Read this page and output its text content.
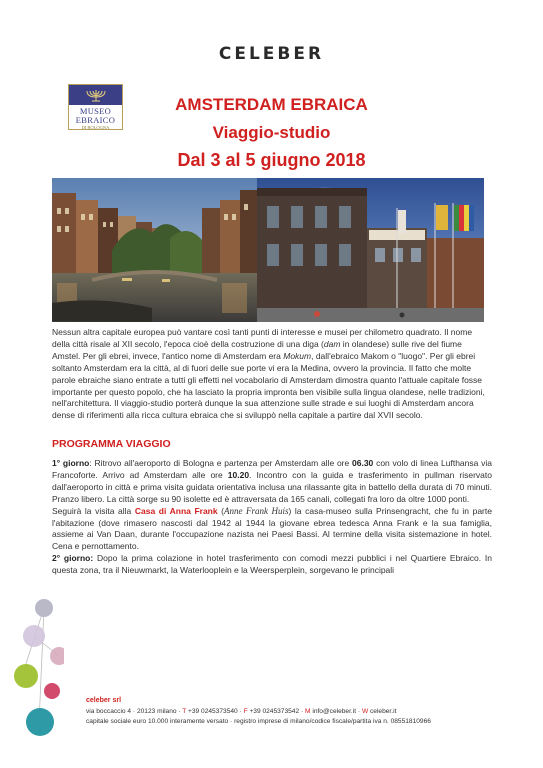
CELEBER
MUSEO
EBRAICO
DI BOLOGNA
AMSTERDAM EBRAICA
Viaggio-studio
Dal 3 al 5 giugno 2018
Nessun altra capitale europea può vantare così tanti punti di interesse e musei per chilometro quadrato. Il nome della città risale al XII secolo, l'epoca cioè della costruzione di una diga (dam in olandese) sulle rive del fiume Amstel. Per gli ebrei, invece, l'antico nome di Amsterdam era Mokum, dall'ebraico Makom o "luogo". Per gli ebrei soltanto Amsterdam era la città, al di fuori delle sue porte vi era la Medina, ovvero la provincia. Il fatto che molte parole ebraiche siano entrate a tutti gli effetti nel vocabolario di Amsterdam dimostra quanto l'attuale capitale fosse importante per questo popolo, che ha lasciato la propria impronta ben visibile sulla lingua olandese, nelle tradizioni, nell'architettura. Il viaggio-studio porterà dunque la sua attenzione sulle strade e sui luoghi di Amsterdam ancora dense di riferimenti alla ricca cultura ebraica che si sviluppò nella capitale a partire dal XVII secolo.
PROGRAMMA VIAGGIO

1° giorno: Ritrovo all'aeroporto di Bologna e partenza per Amsterdam alle ore 06.30 con volo di linea Lufthansa via Francoforte. Arrivo ad Amsterdam alle ore 10.20. Incontro con la guida e trasferimento in pullman riservato dall'aeroporto in città e prima visita guidata orientativa inclusa una rilassante gita in battello della durata di 70 minuti. Pranzo libero. La città sorge su 90 isolette ed è attraversata da 165 canali, collegati fra loro da oltre 1000 ponti.

Seguirà la visita alla Casa di Anna Frank (Anne Frank Huis) la casa-museo sulla Prinsengracht, che fu in parte l'abitazione (dove rimasero nascosti dal 1942 al 1944 la giovane ebrea tedesca Anna Frank e la sua famiglia, assieme ai Van Daan, durante l'occupazione nazista nei Paesi Bassi. Al termine della visita sistemazione in hotel. Cena e pernottamento.

2° giorno: Dopo la prima colazione in hotel trasferimento con comodi mezzi pubblici i nel Quartiere Ebraico. In questa zona, tra il Nieuwmarkt, la Waterlooplein e la Weersperplein, sorgevano le principali

celeber srl
via boccaccio 4 · 20123 milano · T +39 0245373540 · F +39 0245373542 · M info@celeber.it · W celeber.it
capitale sociale euro 10.000 interamente versato · registro imprese di milano/codice fiscale/partita iva n. 08551810966
